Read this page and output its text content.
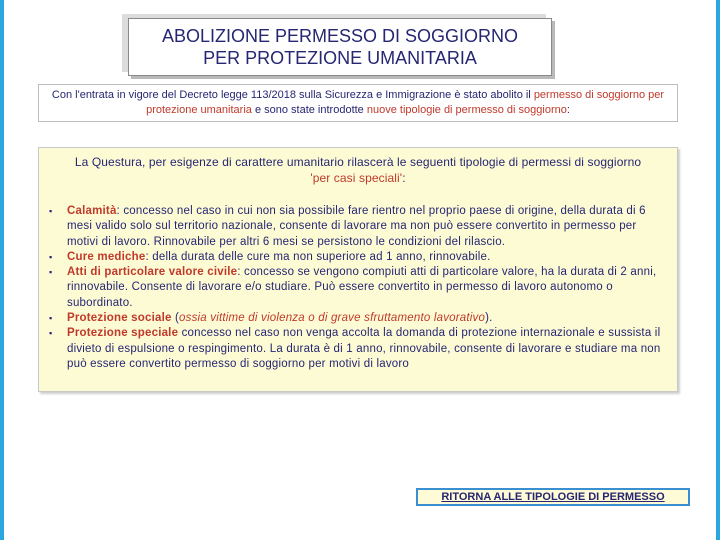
ABOLIZIONE PERMESSO DI SOGGIORNO
PER PROTEZIONE UMANITARIA
Con l'entrata in vigore del Decreto legge 113/2018 sulla Sicurezza e Immigrazione è stato abolito il permesso di soggiorno per protezione umanitaria e sono state introdotte nuove tipologie di permesso di soggiorno:
La Questura, per esigenze di carattere umanitario rilascerà le seguenti tipologie di permessi di soggiorno
'per casi speciali':
▪ Calamità: concesso nel caso in cui non sia possibile fare rientro nel proprio paese di origine, della durata di 6 mesi valido solo sul territorio nazionale, consente di lavorare ma non può essere convertito in permesso per motivi di lavoro. Rinnovabile per altri 6 mesi se persistono le condizioni del rilascio.
▪ Cure mediche: della durata delle cure ma non superiore ad 1 anno, rinnovabile.
▪ Atti di particolare valore civile: concesso se vengono compiuti atti di particolare valore, ha la durata di 2 anni, rinnovabile. Consente di lavorare e/o studiare. Può essere convertito in permesso di lavoro autonomo o subordinato.
▪ Protezione sociale (ossia vittime di violenza o di grave sfruttamento lavorativo).
▪ Protezione speciale concesso nel caso non venga accolta la domanda di protezione internazionale e sussista il divieto di espulsione o respingimento. La durata è di 1 anno, rinnovabile, consente di lavorare e studiare ma non può essere convertito permesso di soggiorno per motivi di lavoro
RITORNA ALLE TIPOLOGIE DI PERMESSO
